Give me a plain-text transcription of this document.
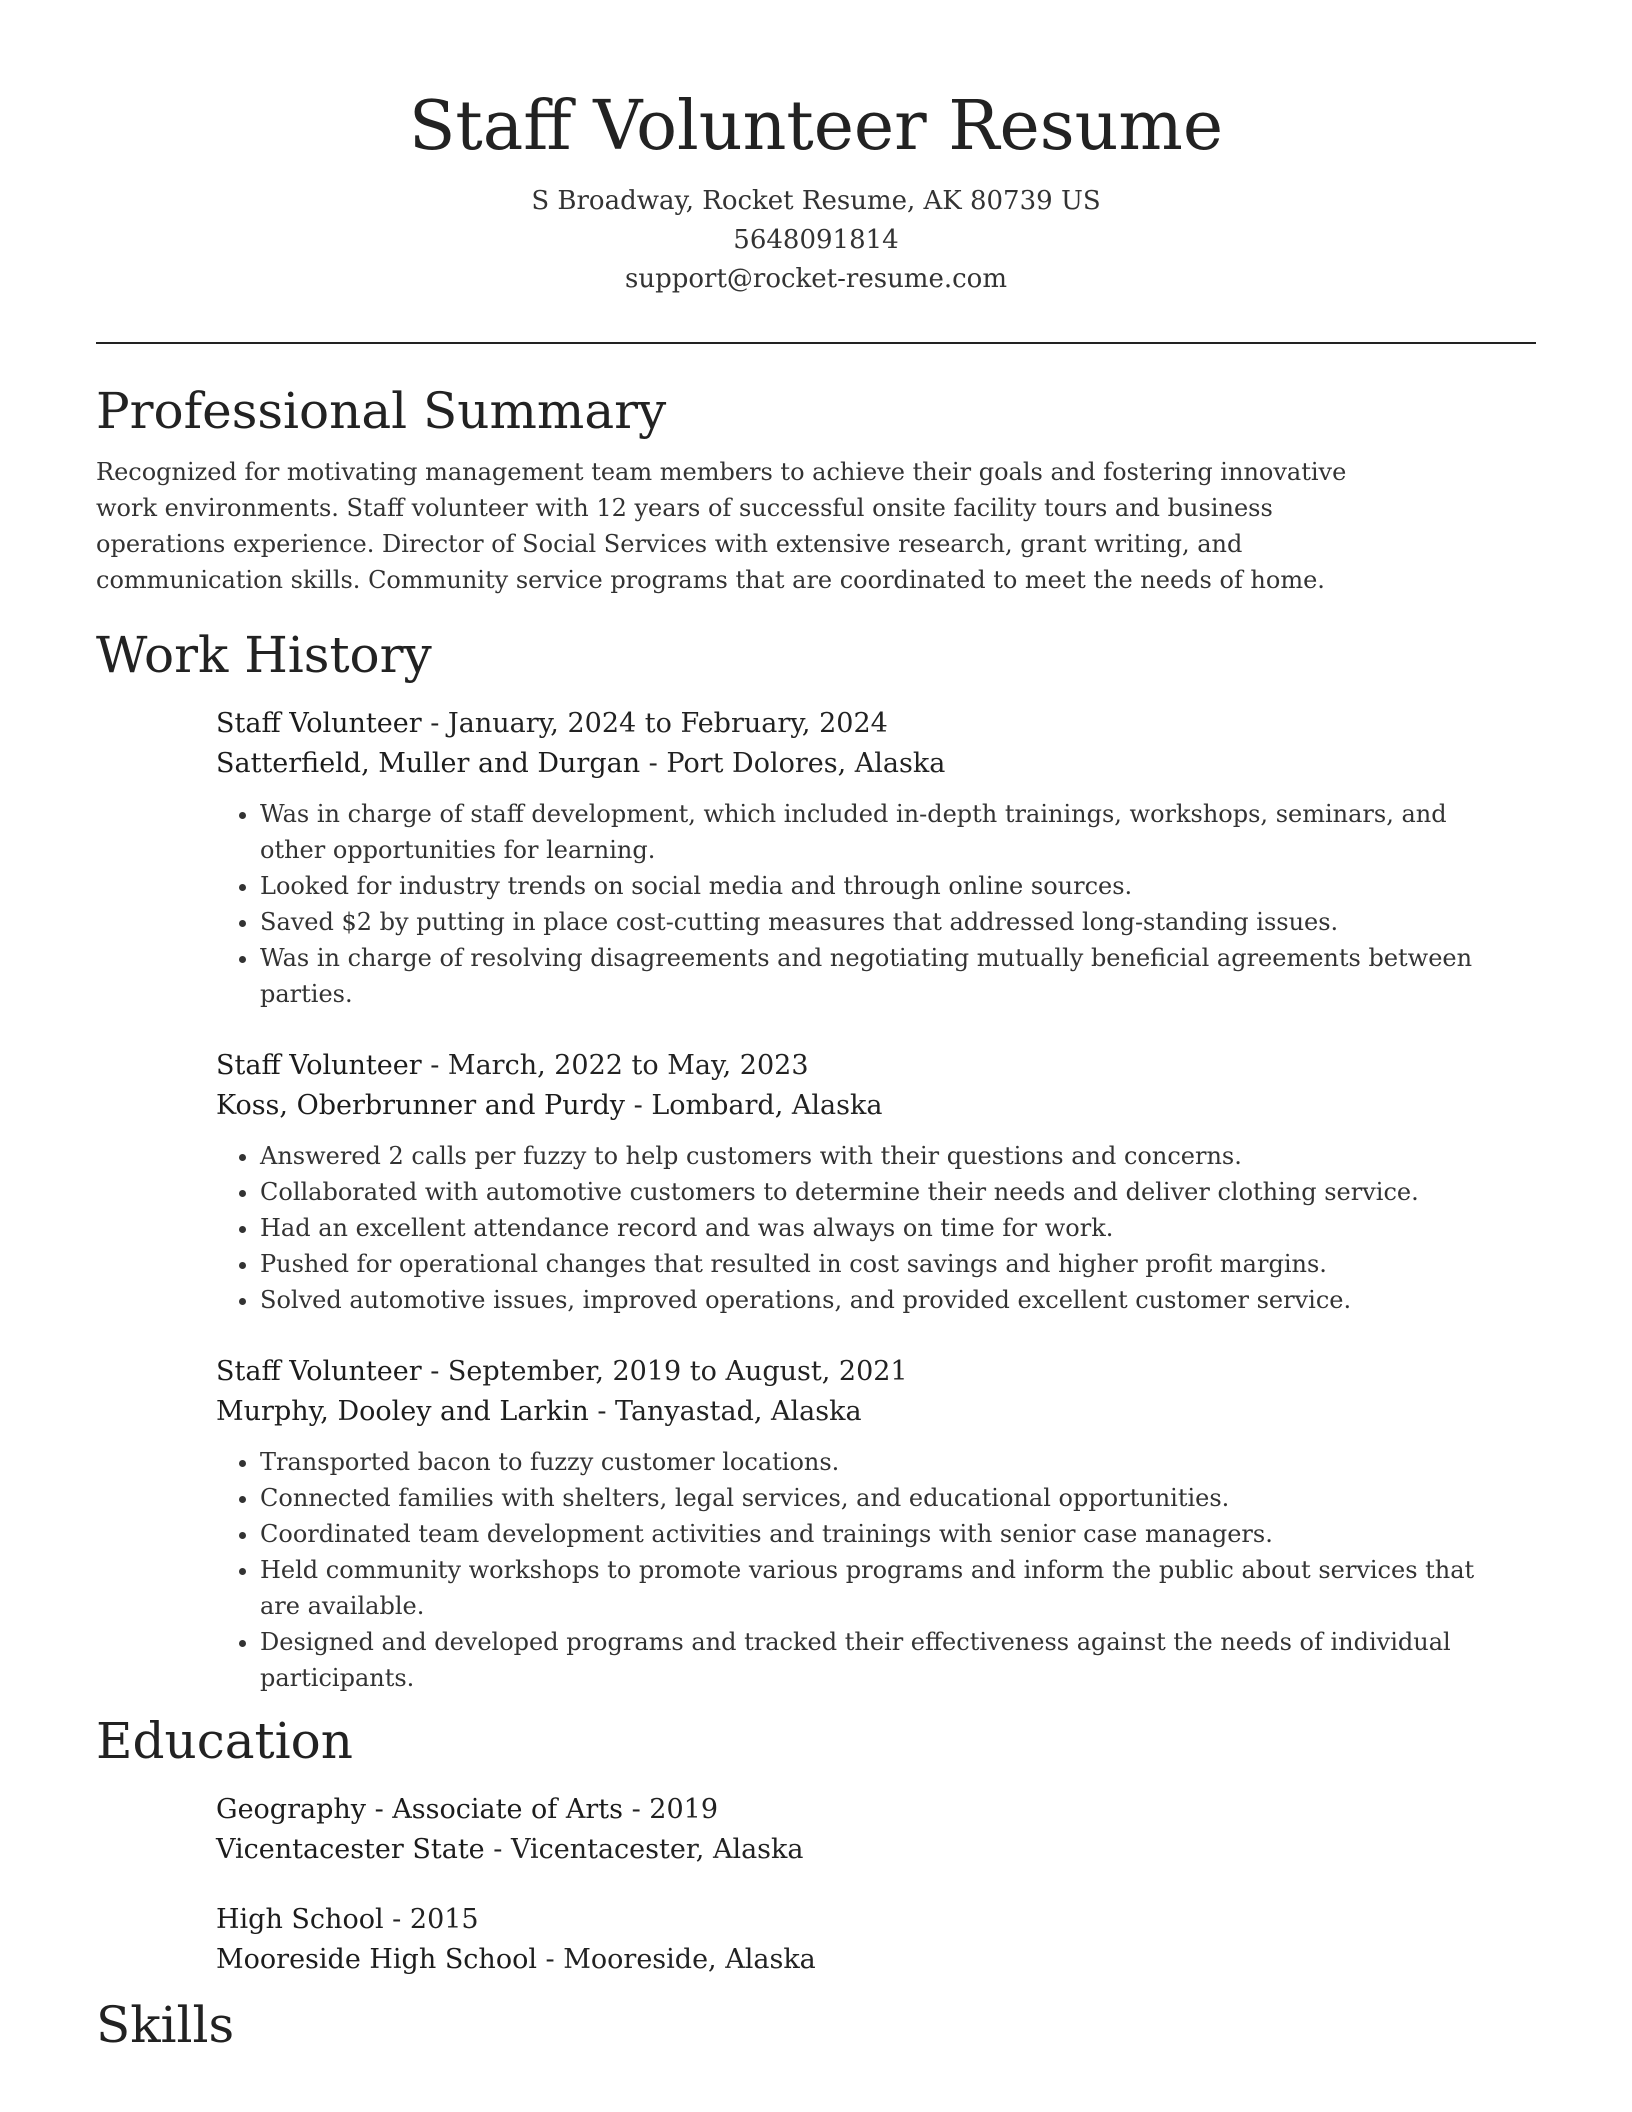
Staff Volunteer Resume
S Broadway, Rocket Resume, AK 80739 US
5648091814
support@rocket-resume.com
Professional Summary
Recognized for motivating management team members to achieve their goals and fostering innovative work environments. Staff volunteer with 12 years of successful onsite facility tours and business operations experience. Director of Social Services with extensive research, grant writing, and communication skills. Community service programs that are coordinated to meet the needs of home.
Work History
Staff Volunteer - January, 2024 to February, 2024
Satterfield, Muller and Durgan - Port Dolores, Alaska
• Was in charge of staff development, which included in-depth trainings, workshops, seminars, and other opportunities for learning.
• Looked for industry trends on social media and through online sources.
• Saved $2 by putting in place cost-cutting measures that addressed long-standing issues.
• Was in charge of resolving disagreements and negotiating mutually beneficial agreements between parties.
Staff Volunteer - March, 2022 to May, 2023
Koss, Oberbrunner and Purdy - Lombard, Alaska
• Answered 2 calls per fuzzy to help customers with their questions and concerns.
• Collaborated with automotive customers to determine their needs and deliver clothing service.
• Had an excellent attendance record and was always on time for work.
• Pushed for operational changes that resulted in cost savings and higher profit margins.
• Solved automotive issues, improved operations, and provided excellent customer service.
Staff Volunteer - September, 2019 to August, 2021
Murphy, Dooley and Larkin - Tanyastad, Alaska
• Transported bacon to fuzzy customer locations.
• Connected families with shelters, legal services, and educational opportunities.
• Coordinated team development activities and trainings with senior case managers.
• Held community workshops to promote various programs and inform the public about services that are available.
• Designed and developed programs and tracked their effectiveness against the needs of individual participants.
Education
Geography - Associate of Arts - 2019
Vicentacester State - Vicentacester, Alaska
High School - 2015
Mooreside High School - Mooreside, Alaska
Skills
